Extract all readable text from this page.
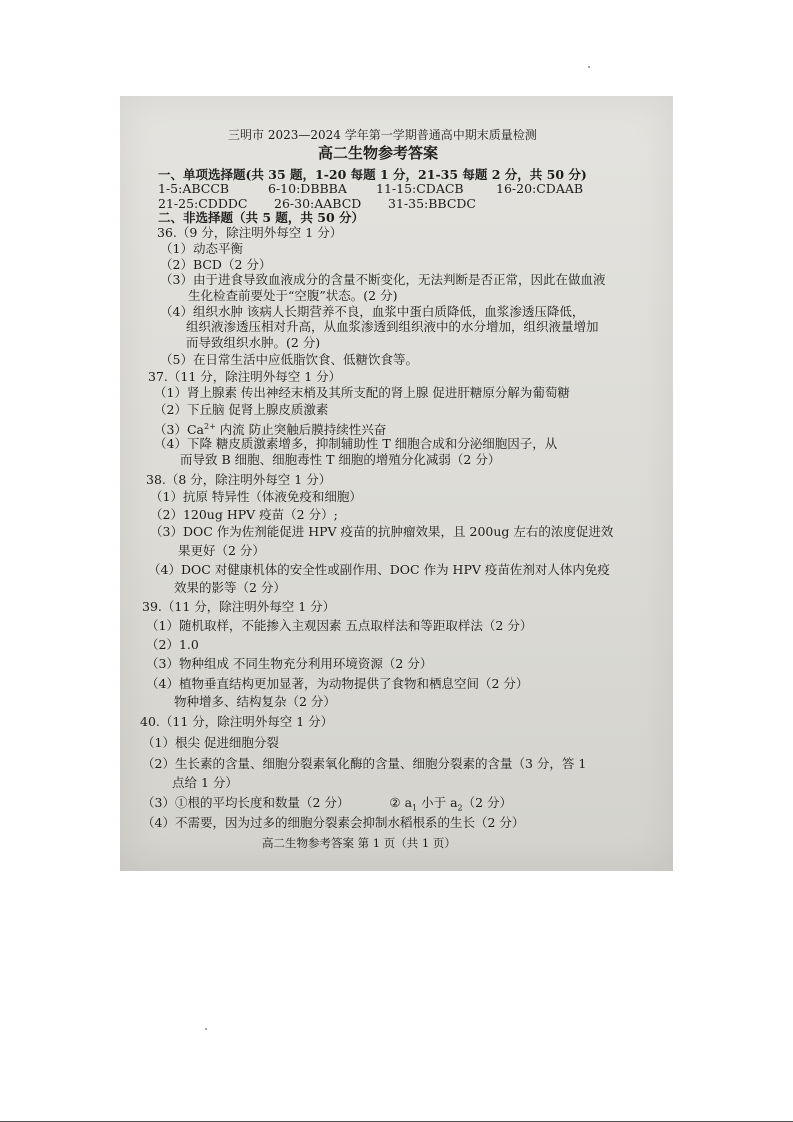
三明市 2023—2024 学年第一学期普通高中期末质量检测
高二生物参考答案
一、单项选择题(共 35 题，1-20 每题 1 分，21-35 每题 2 分，共 50 分)
1-5:ABCCB	6-10:DBBBA 11-15:CDACB	16-20:CDAAB
21-25:CDDDC 26-30:AABCD 31-35:BBCDC
二、非选择题（共 5 题，共 50 分）
36.（9 分，除注明外每空 1 分）
（1）动态平衡
（2）BCD（2 分）
（3）由于进食导致血液成分的含量不断变化，无法判断是否正常，因此在做血液
生化检查前要处于“空腹”状态。(2 分)
（4）组织水肿 该病人长期营养不良，血浆中蛋白质降低，血浆渗透压降低，
组织液渗透压相对升高，从血浆渗透到组织液中的水分增加，组织液量增加
而导致组织水肿。(2 分)
（5）在日常生活中应低脂饮食、低糖饮食等。
37.（11 分，除注明外每空 1 分）
（1）肾上腺素 传出神经末梢及其所支配的肾上腺 促进肝糖原分解为葡萄糖
（2）下丘脑 促肾上腺皮质激素
$(3)Ca^{2+}$ 内流 防止突触后膜持续性兴奋
（4）下降 糖皮质激素增多，抑制辅助性 T 细胞合成和分泌细胞因子，从
而导致 B 细胞、细胞毒性 T 细胞的增殖分化减弱（2 分）
38.（8 分，除注明外每空 1 分）
（1）抗原 特异性（体液免疫和细胞）
（2）120ug HPV 疫苗（2 分）;
（3）DOC 作为佐剂能促进 HPV 疫苗的抗肿瘤效果，且 200ug 左右的浓度促进效
果更好（2 分）
（4）DOC 对健康机体的安全性或副作用、DOC 作为 HPV 疫苗佐剂对人体内免疫
效果的影等（2 分）
39.（11 分，除注明外每空 1 分）
（1）随机取样，不能掺入主观因素 五点取样法和等距取样法（2 分）
（2）1.0
（3）物种组成 不同生物充分利用环境资源（2 分）
（4）植物垂直结构更加显著，为动物提供了食物和栖息空间（2 分）
物种增多、结构复杂（2 分）
40.（11 分，除注明外每空 1 分）
（1）根尖 促进细胞分裂
（2）生长素的含量、细胞分裂素氧化酶的含量、细胞分裂素的含量（3 分，答 1
点给 1 分）
（3）①根的平均长度和数量（2 分）	② $a_1$ 小于 $a_2(2$ 分）
（4）不需要，因为过多的细胞分裂素会抑制水稻根系的生长（2 分）
高二生物参考答案 第 1 页（共 1 页）
